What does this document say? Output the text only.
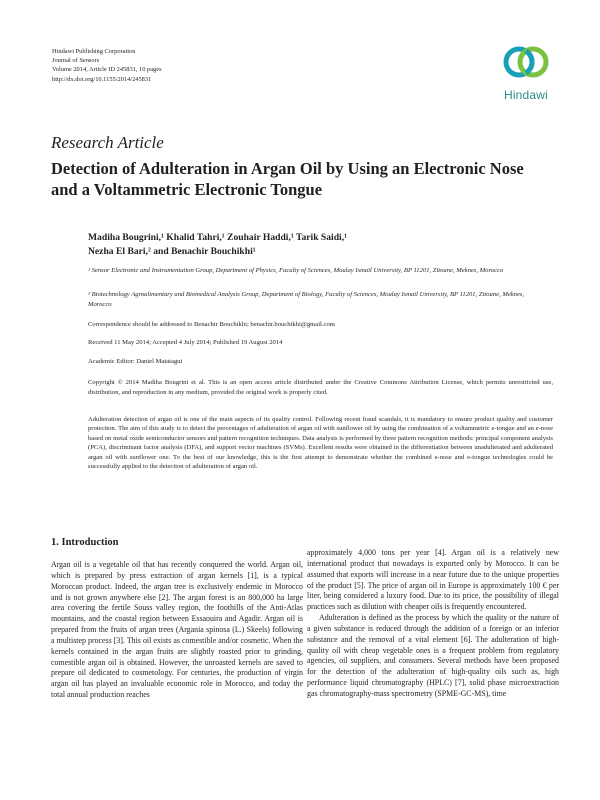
Hindawi Publishing Corporation
Journal of Sensors
Volume 2014, Article ID 245831, 10 pages
http://dx.doi.org/10.1155/2014/245831
Hindawi
Research Article
Detection of Adulteration in Argan Oil by Using an Electronic Nose and a Voltammetric Electronic Tongue
Madiha Bougrini,¹ Khalid Tahri,¹ Zouhair Haddi,¹ Tarik Saidi,¹
Nezha El Bari,² and Benachir Bouchikhi¹
¹ Sensor Electronic and Instrumentation Group, Department of Physics, Faculty of Sciences, Moulay Ismaïl University, BP 11201, Zitoune, Meknes, Morocco
² Biotechnology Agroalimentary and Biomedical Analysis Group, Department of Biology, Faculty of Sciences, Moulay Ismaïl University, BP 11201, Zitoune, Meknes, Morocco
Correspondence should be addressed to Benachir Bouchikhi; benachir.bouchikhi@gmail.com
Received 11 May 2014; Accepted 4 July 2014; Published 19 August 2014
Academic Editor: Daniel Matatagui
Copyright © 2014 Madiha Bougrini et al. This is an open access article distributed under the Creative Commons Attribution License, which permits unrestricted use, distribution, and reproduction in any medium, provided the original work is properly cited.
Adulteration detection of argan oil is one of the main aspects of its quality control. Following recent fraud scandals, it is mandatory to ensure product quality and customer protection. The aim of this study is to detect the percentages of adulteration of argan oil with sunflower oil by using the combination of a voltammetric e-tongue and an e-nose based on metal oxide semiconductor sensors and pattern recognition techniques. Data analysis is performed by three pattern recognition methods: principal component analysis (PCA), discriminant factor analysis (DFA), and support vector machines (SVMs). Excellent results were obtained in the differentiation between unadulterated and adulterated argan oil with sunflower one. To the best of our knowledge, this is the first attempt to demonstrate whether the combined e-nose and e-tongue technologies could be successfully applied to the detection of adulteration of argan oil.
1. Introduction

Argan oil is a vegetable oil that has recently conquered the world. Argan oil, which is prepared by press extraction of argan kernels [1], is a typical Moroccan product. Indeed, the argan tree is exclusively endemic in Morocco and is not grown anywhere else [2]. The argan forest is an 800,000 ha large area covering the fertile Souss valley region, the foothills of the Anti-Atlas mountains, and the coastal region between Essaouira and Agadir. Argan oil is prepared from the fruits of argan trees (Argania spinosa (L.) Skeels) following a multistep process [3]. This oil exists as comestible and/or cosmetic. When the kernels contained in the argan fruits are slightly roasted prior to grinding, comestible argan oil is obtained. However, the unroasted kernels are saved to prepare oil dedicated to cosmetology. For centuries, the production of virgin argan oil has played an invaluable economic role in Morocco, and today the total annual production reaches

approximately 4,000 tons per year [4]. Argan oil is a relatively new international product that nowadays is exported only by Morocco. It can be assumed that exports will increase in a near future due to the unique properties of the product [5]. The price of argan oil in Europe is approximately 100 € per liter, being considered a luxury food. Due to its price, the possibility of illegal practices such as dilution with cheaper oils is frequently encountered.

Adulteration is defined as the process by which the quality or the nature of a given substance is reduced through the addition of a foreign or an inferior substance and the removal of a vital element [6]. The adulteration of high-quality oil with cheap vegetable ones is a frequent problem from regulatory agencies, oil suppliers, and consumers. Several methods have been proposed for the detection of the adulteration of high-quality oils such as, high performance liquid chromatography (HPLC) [7], solid phase microextraction gas chromatography-mass spectrometry (SPME-GC-MS), time
